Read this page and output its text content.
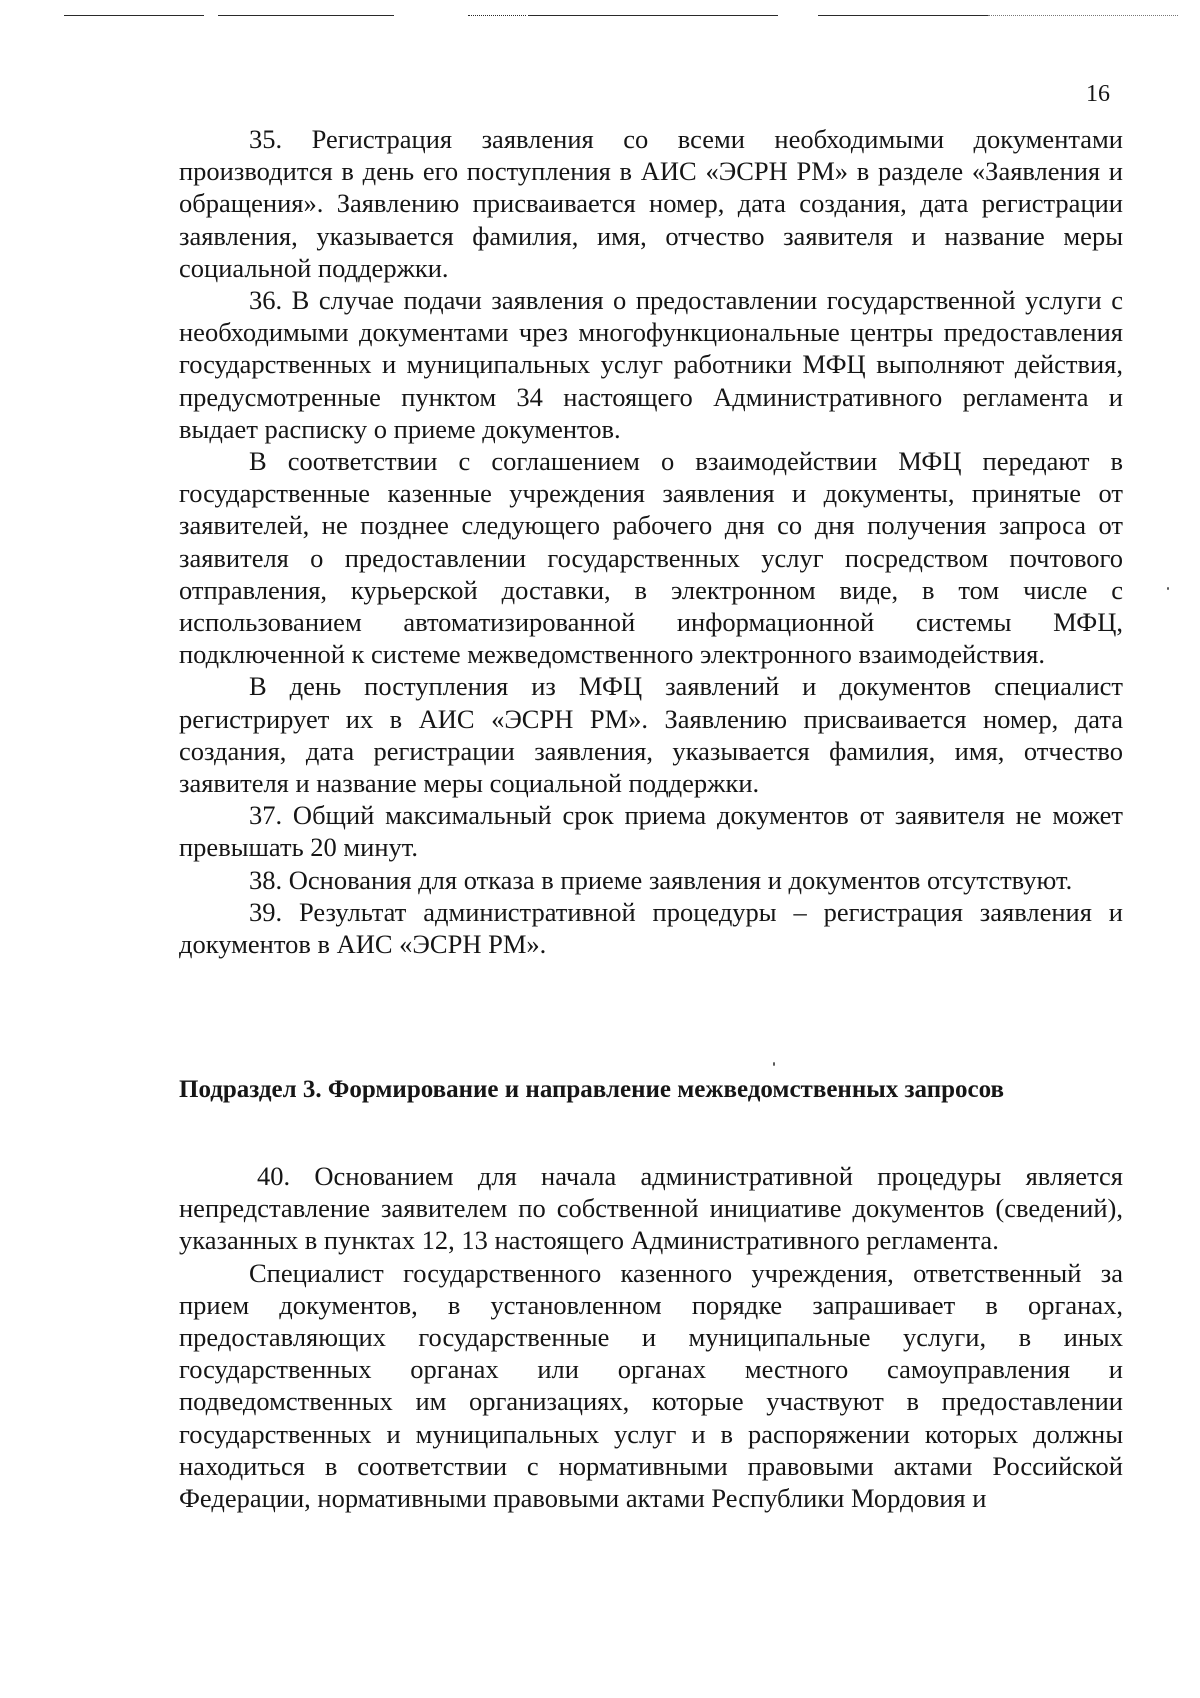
16

35. Регистрация заявления со всеми необходимыми документами производится в день его поступления в АИС «ЭСРН РМ» в разделе «Заявления и обращения». Заявлению присваивается номер, дата создания, дата регистрации заявления, указывается фамилия, имя, отчество заявителя и название меры социальной поддержки.

36. В случае подачи заявления о предоставлении государственной услуги с необходимыми документами чрез многофункциональные центры предоставления государственных и муниципальных услуг работники МФЦ выполняют действия, предусмотренные пунктом 34 настоящего Административного регламента и выдает расписку о приеме документов.

В соответствии с соглашением о взаимодействии МФЦ передают в государственные казенные учреждения заявления и документы, принятые от заявителей, не позднее следующего рабочего дня со дня получения запроса от заявителя о предоставлении государственных услуг посредством почтового отправления, курьерской доставки, в электронном виде, в том числе с использованием автоматизированной информационной системы МФЦ, подключенной к системе межведомственного электронного взаимодействия.

В день поступления из МФЦ заявлений и документов специалист регистрирует их в АИС «ЭСРН РМ». Заявлению присваивается номер, дата создания, дата регистрации заявления, указывается фамилия, имя, отчество заявителя и название меры социальной поддержки.

37. Общий максимальный срок приема документов от заявителя не может превышать 20 минут.

38. Основания для отказа в приеме заявления и документов отсутствуют.

39. Результат административной процедуры – регистрация заявления и документов в АИС «ЭСРН РМ».

Подраздел 3. Формирование и направление межведомственных запросов

40. Основанием для начала административной процедуры является непредставление заявителем по собственной инициативе документов (сведений), указанных в пунктах 12, 13 настоящего Административного регламента.

Специалист государственного казенного учреждения, ответственный за прием документов, в установленном порядке запрашивает в органах, предоставляющих государственные и муниципальные услуги, в иных государственных органах или органах местного самоуправления и подведомственных им организациях, которые участвуют в предоставлении государственных и муниципальных услуг и в распоряжении которых должны находиться в соответствии с нормативными правовыми актами Российской Федерации, нормативными правовыми актами Республики Мордовия и
